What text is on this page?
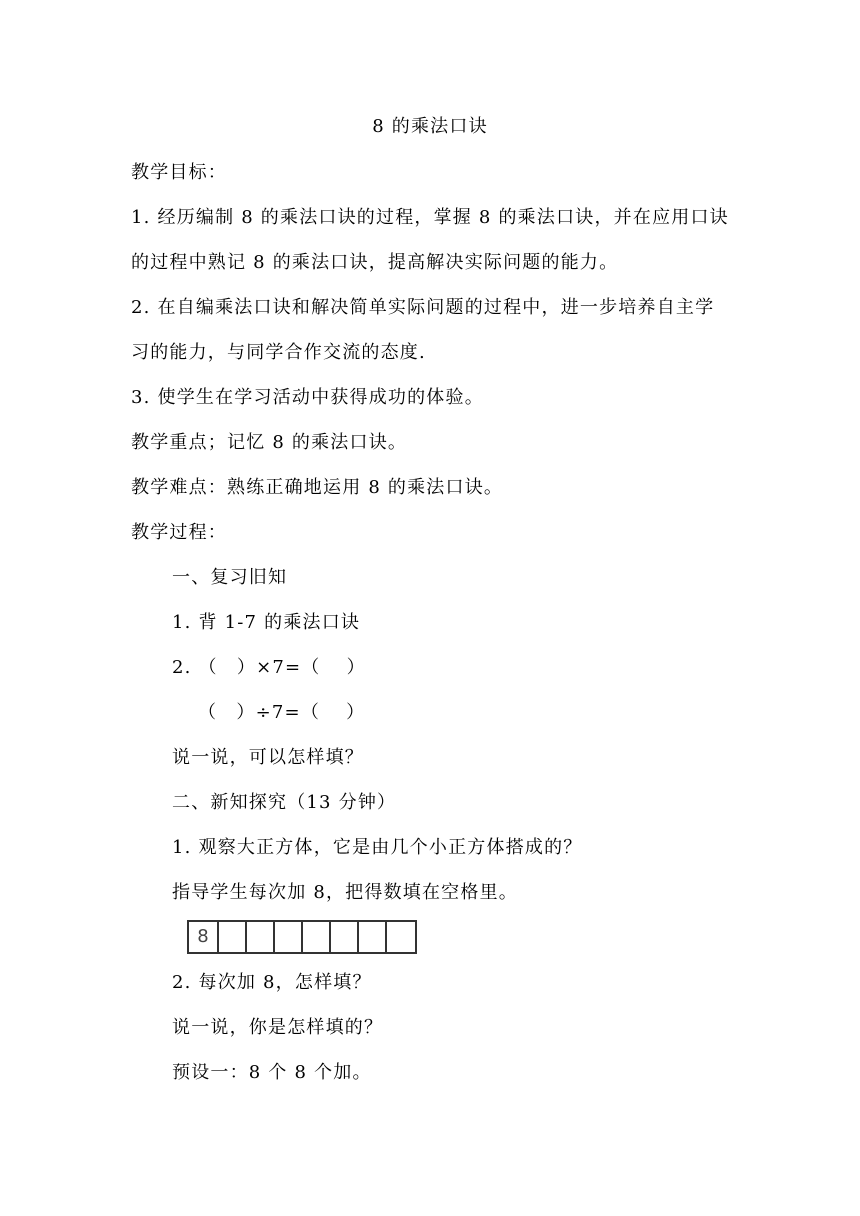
8 的乘法口诀
教学目标：
1. 经历编制 8 的乘法口诀的过程，掌握 8 的乘法口诀，并在应用口诀
的过程中熟记 8 的乘法口诀，提高解决实际问题的能力。
2. 在自编乘法口诀和解决简单实际问题的过程中，进一步培养自主学
习的能力，与同学合作交流的态度.
3. 使学生在学习活动中获得成功的体验。
教学重点；记忆 8 的乘法口诀。
教学难点：熟练正确地运用 8 的乘法口诀。
教学过程：
一、复习旧知
1. 背 1-7 的乘法口诀
2. （　）×7=（　 ）
（　）÷7=（　 ）
说一说，可以怎样填？
二、新知探究（13 分钟）
1. 观察大正方体，它是由几个小正方体搭成的？
指导学生每次加 8，把得数填在空格里。
8
2. 每次加 8，怎样填？
说一说，你是怎样填的？
预设一：8 个 8 个加。
